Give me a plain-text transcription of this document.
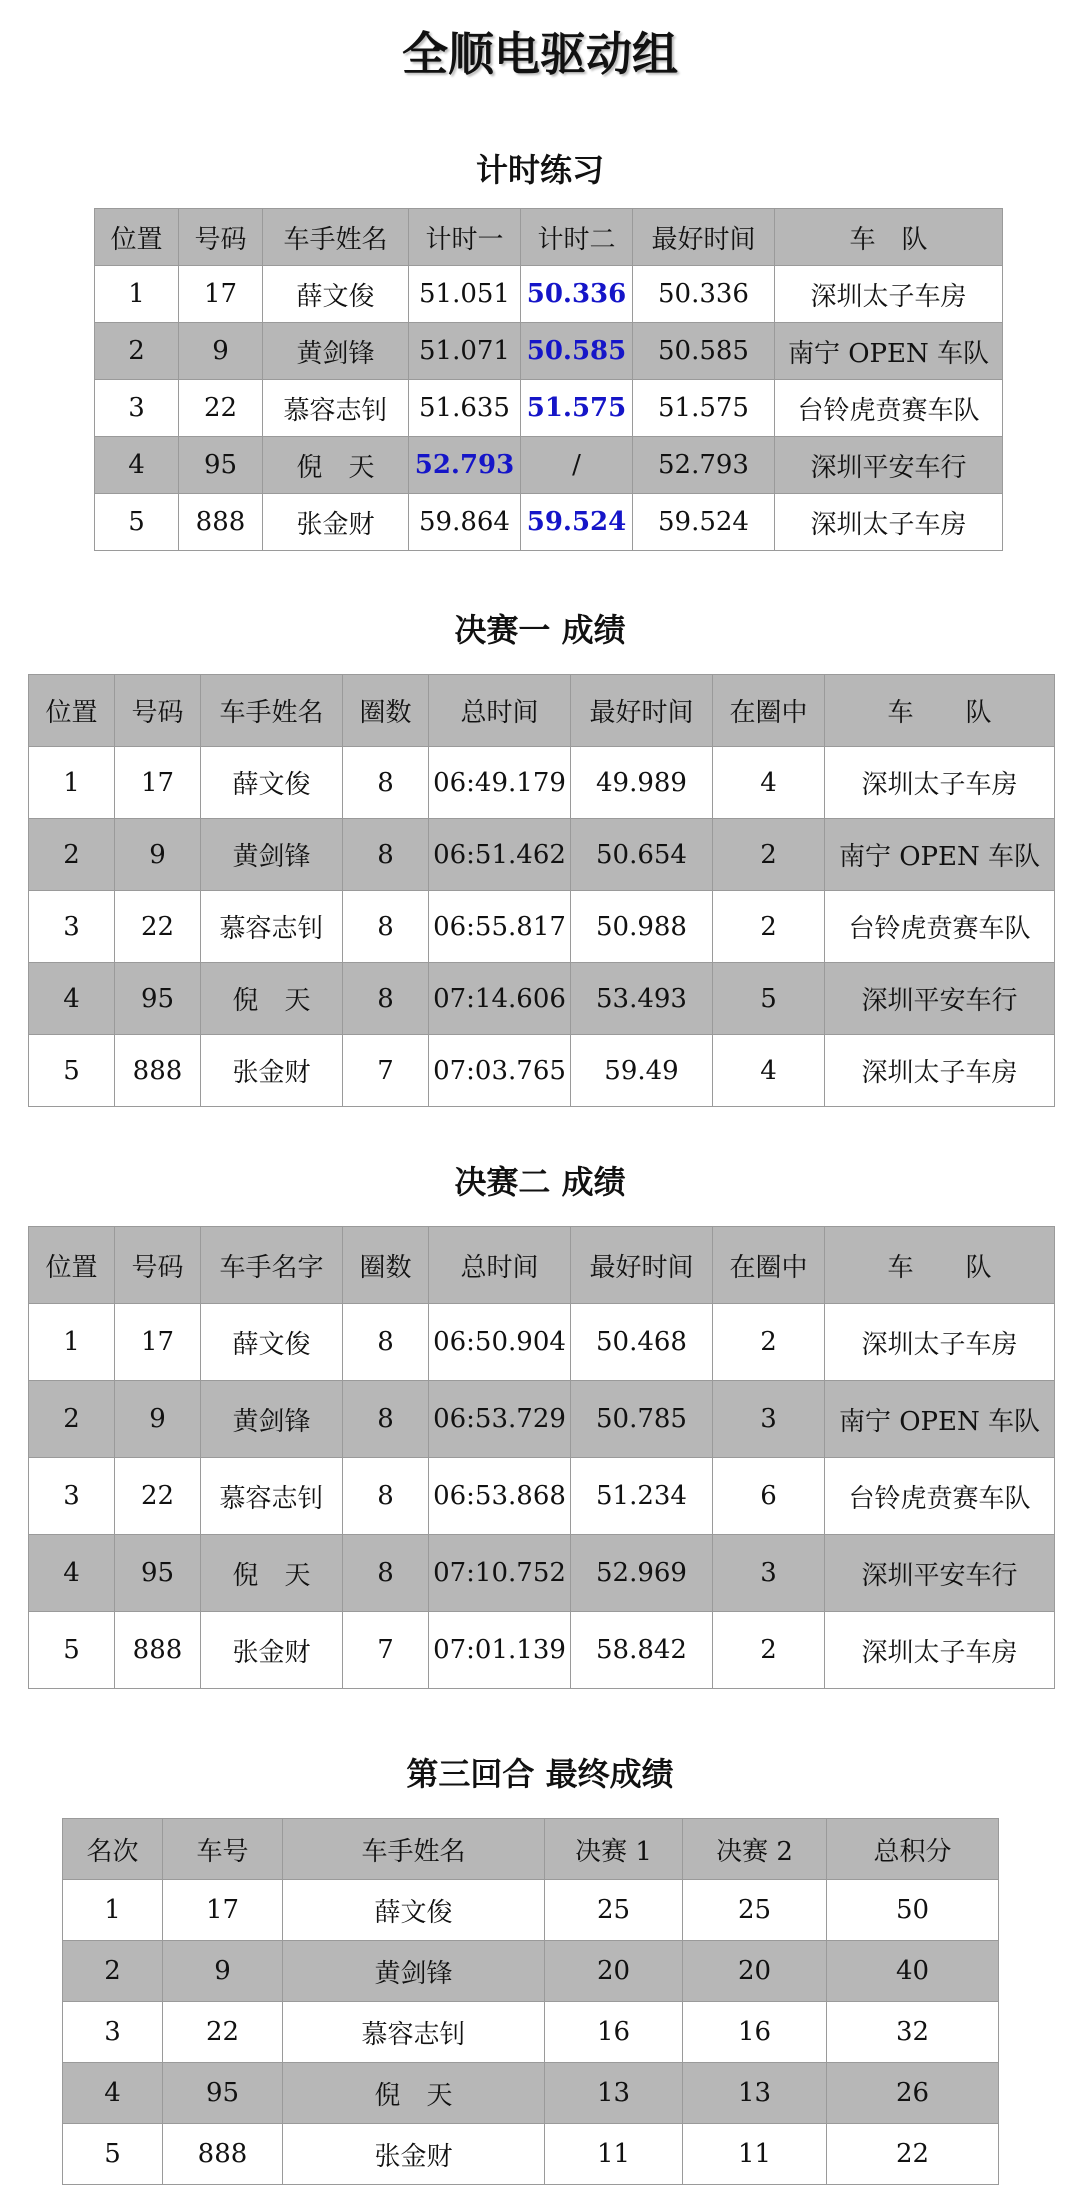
全顺电驱动组
计时练习
位置	号码	车手姓名	计时一	计时二	最好时间	车　队
1	17	薛文俊	51.051	50.336	50.336	深圳太子车房
2	9	黄剑锋	51.071	50.585	50.585	南宁 OPEN 车队
3	22	慕容志钊	51.635	51.575	51.575	台铃虎贲赛车队
4	95	倪　天	52.793	/	52.793	深圳平安车行
5	888	张金财	59.864	59.524	59.524	深圳太子车房
决赛一 成绩
位置	号码	车手姓名	圈数	总时间	最好时间	在圈中	车　　队
1	17	薛文俊	8	06:49.179	49.989	4	深圳太子车房
2	9	黄剑锋	8	06:51.462	50.654	2	南宁 OPEN 车队
3	22	慕容志钊	8	06:55.817	50.988	2	台铃虎贲赛车队
4	95	倪　天	8	07:14.606	53.493	5	深圳平安车行
5	888	张金财	7	07:03.765	59.49	4	深圳太子车房
决赛二 成绩
位置	号码	车手名字	圈数	总时间	最好时间	在圈中	车　　队
1	17	薛文俊	8	06:50.904	50.468	2	深圳太子车房
2	9	黄剑锋	8	06:53.729	50.785	3	南宁 OPEN 车队
3	22	慕容志钊	8	06:53.868	51.234	6	台铃虎贲赛车队
4	95	倪　天	8	07:10.752	52.969	3	深圳平安车行
5	888	张金财	7	07:01.139	58.842	2	深圳太子车房
第三回合 最终成绩
名次	车号	车手姓名	决赛 1	决赛 2	总积分
1	17	薛文俊	25	25	50
2	9	黄剑锋	20	20	40
3	22	慕容志钊	16	16	32
4	95	倪　天	13	13	26
5	888	张金财	11	11	22
